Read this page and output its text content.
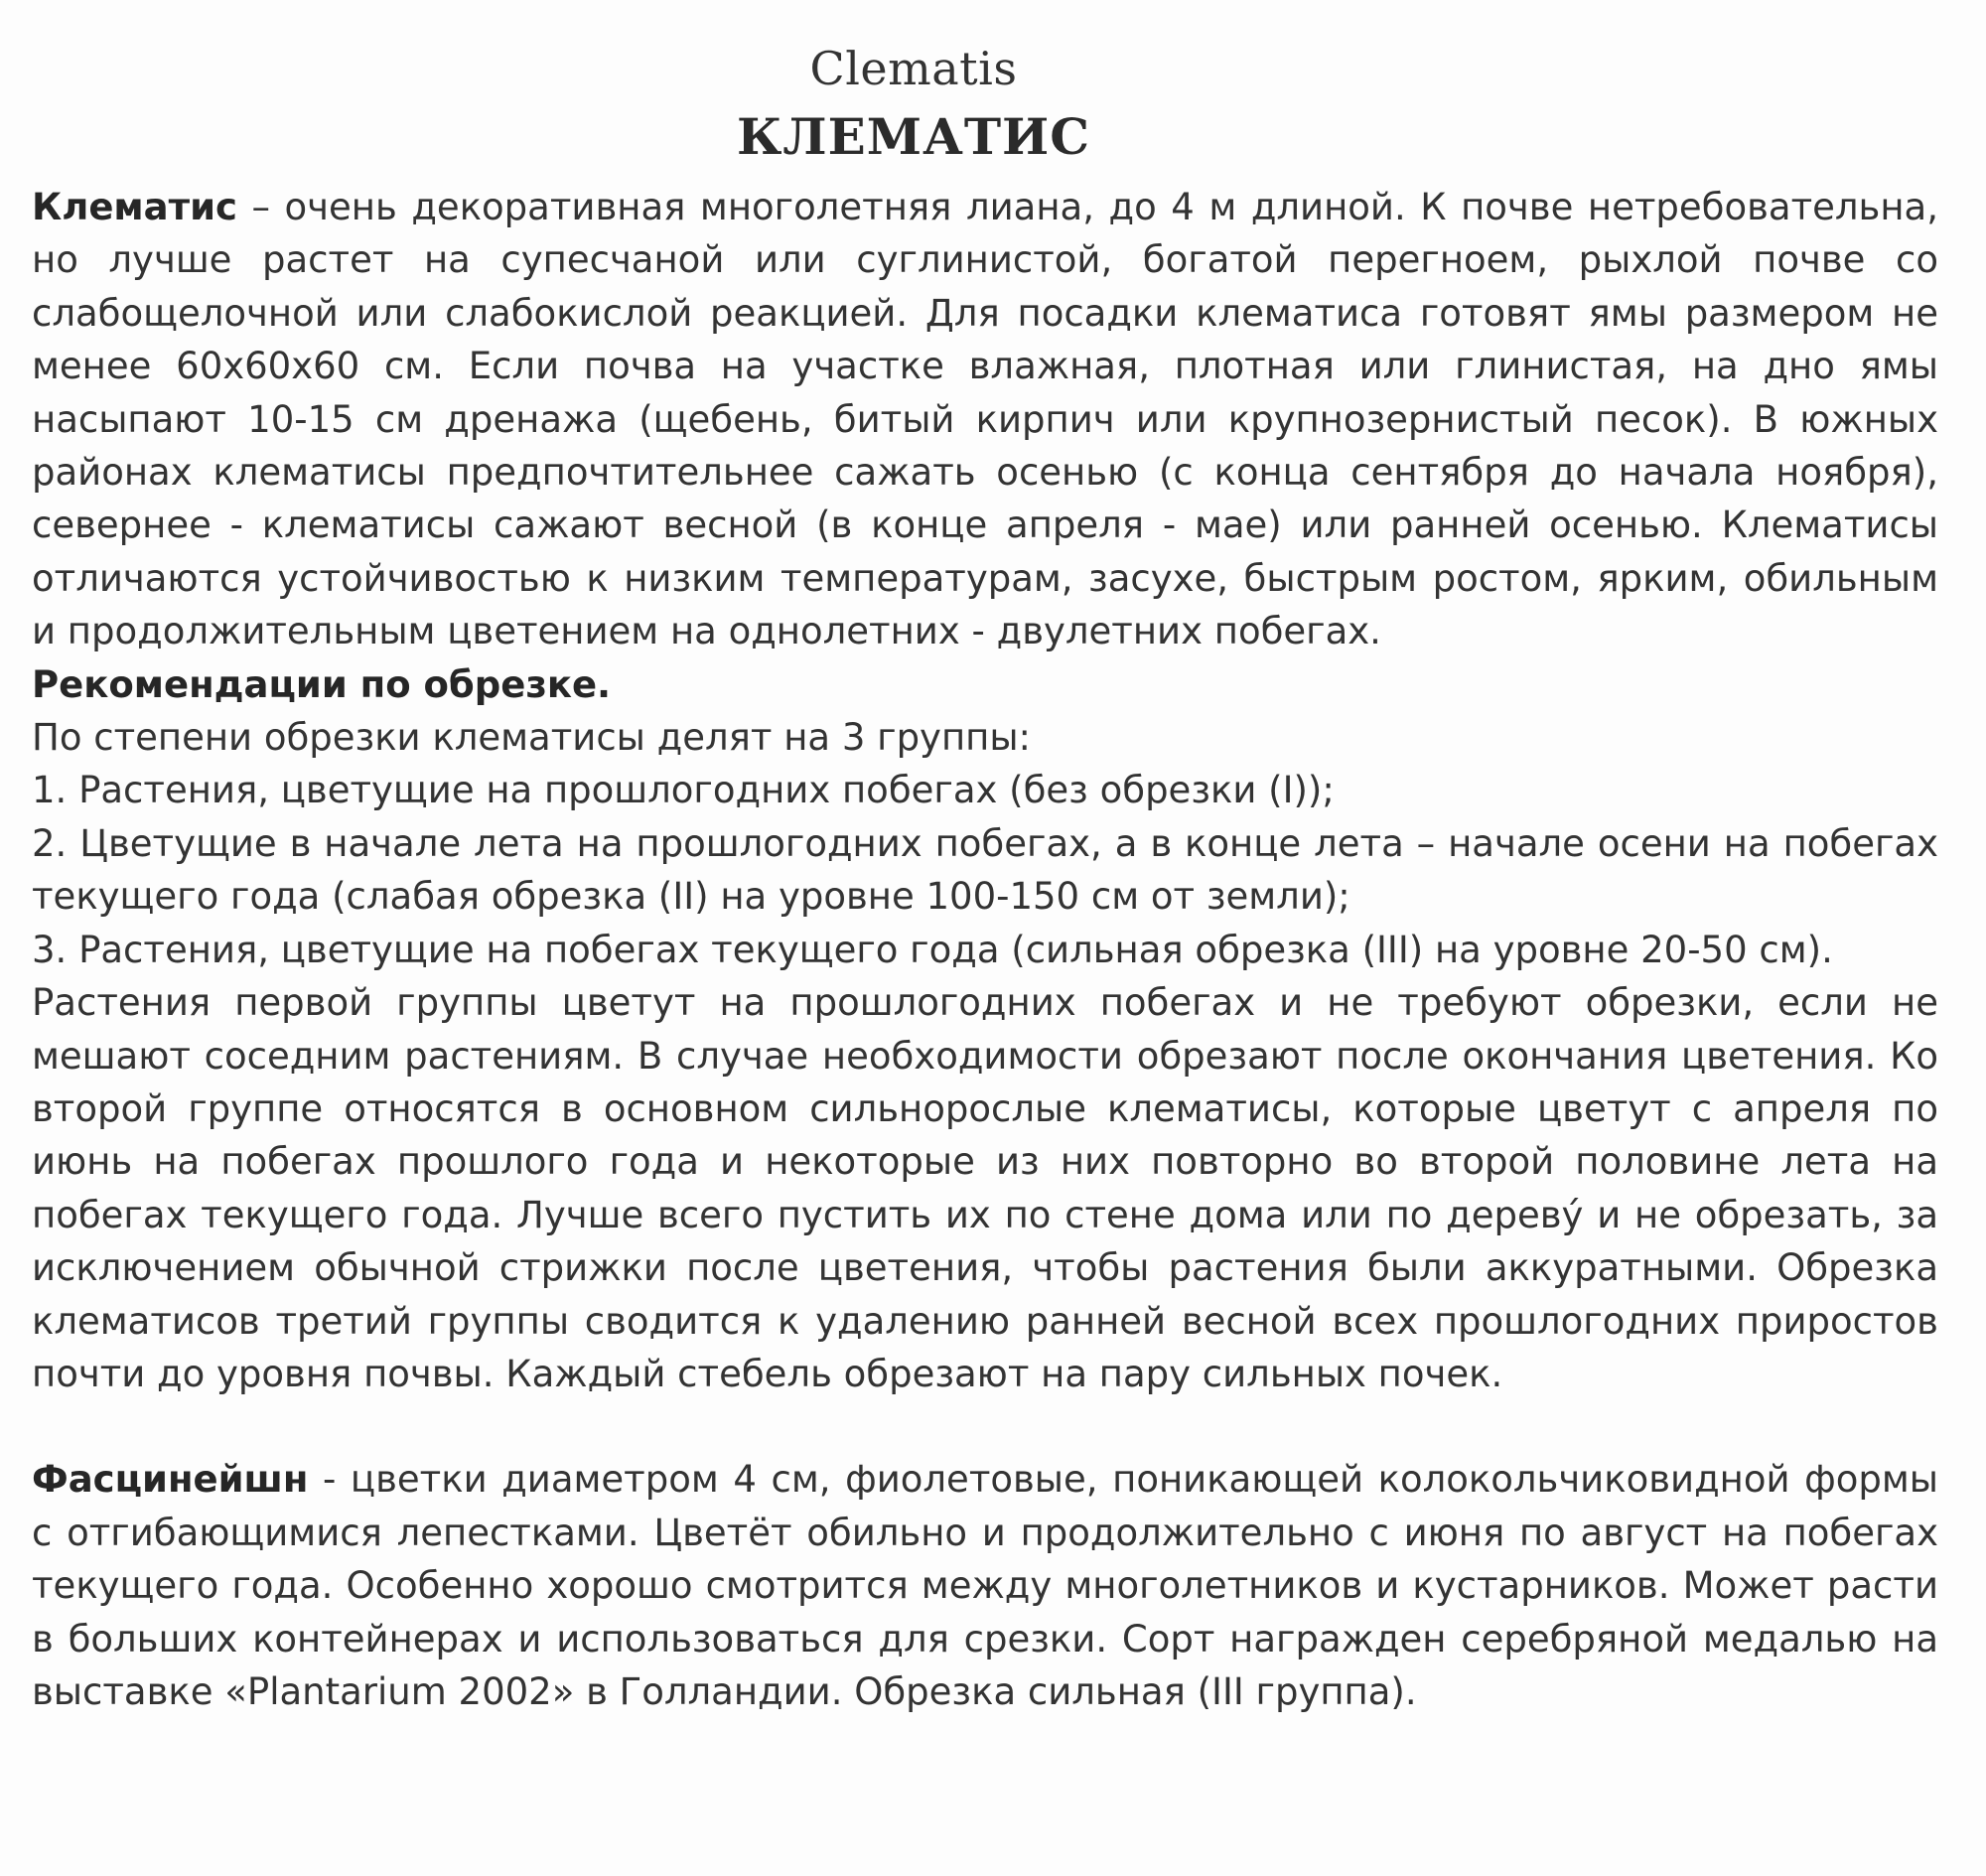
Clematis
КЛЕМАТИС

Клематис – очень декоративная многолетняя лиана, до 4 м длиной. К почве нетребовательна, но лучше растет на супесчаной или суглинистой, богатой перегноем, рыхлой почве со слабощелочной или слабокислой реакцией. Для посадки клематиса готовят ямы размером не менее 60х60х60 см. Если почва на участке влажная, плотная или глинистая, на дно ямы насыпают 10-15 см дренажа (щебень, битый кирпич или крупнозернистый песок). В южных районах клематисы предпочтительнее сажать осенью (с конца сентября до начала ноября), севернее - клематисы сажают весной (в конце апреля - мае) или ранней осенью. Клематисы отличаются устойчивостью к низким температурам, засухе, быстрым ростом, ярким, обильным и продолжительным цветением на однолетних - двулетних побегах.

Рекомендации по обрезке.

По степени обрезки клематисы делят на 3 группы:

1. Растения, цветущие на прошлогодних побегах (без обрезки (I));

2. Цветущие в начале лета на прошлогодних побегах, а в конце лета – начале осени на побегах текущего года (слабая обрезка (II) на уровне 100-150 см от земли);

3. Растения, цветущие на побегах текущего года (сильная обрезка (III) на уровне 20-50 см).

Растения первой группы цветут на прошлогодних побегах и не требуют обрезки, если не мешают соседним растениям. В случае необходимости обрезают после окончания цветения. Ко второй группе относятся в основном сильнорослые клематисы, которые цветут с апреля по июнь на побегах прошлого года и некоторые из них повторно во второй половине лета на побегах текущего года. Лучше всего пустить их по стене дома или по дереву́ и не обрезать, за исключением обычной стрижки после цветения, чтобы растения были аккуратными. Обрезка клематисов третий группы сводится к удалению ранней весной всех прошлогодних приростов почти до уровня почвы. Каждый стебель обрезают на пару сильных почек.

Фасцинейшн - цветки диаметром 4 см, фиолетовые, поникающей колокольчиковидной формы с отгибающимися лепестками. Цветёт обильно и продолжительно с июня по август на побегах текущего года. Особенно хорошо смотрится между многолетников и кустарников. Может расти в больших контейнерах и использоваться для срезки. Сорт награжден серебряной медалью на выставке «Plantarium 2002» в Голландии. Обрезка сильная (III группа).
